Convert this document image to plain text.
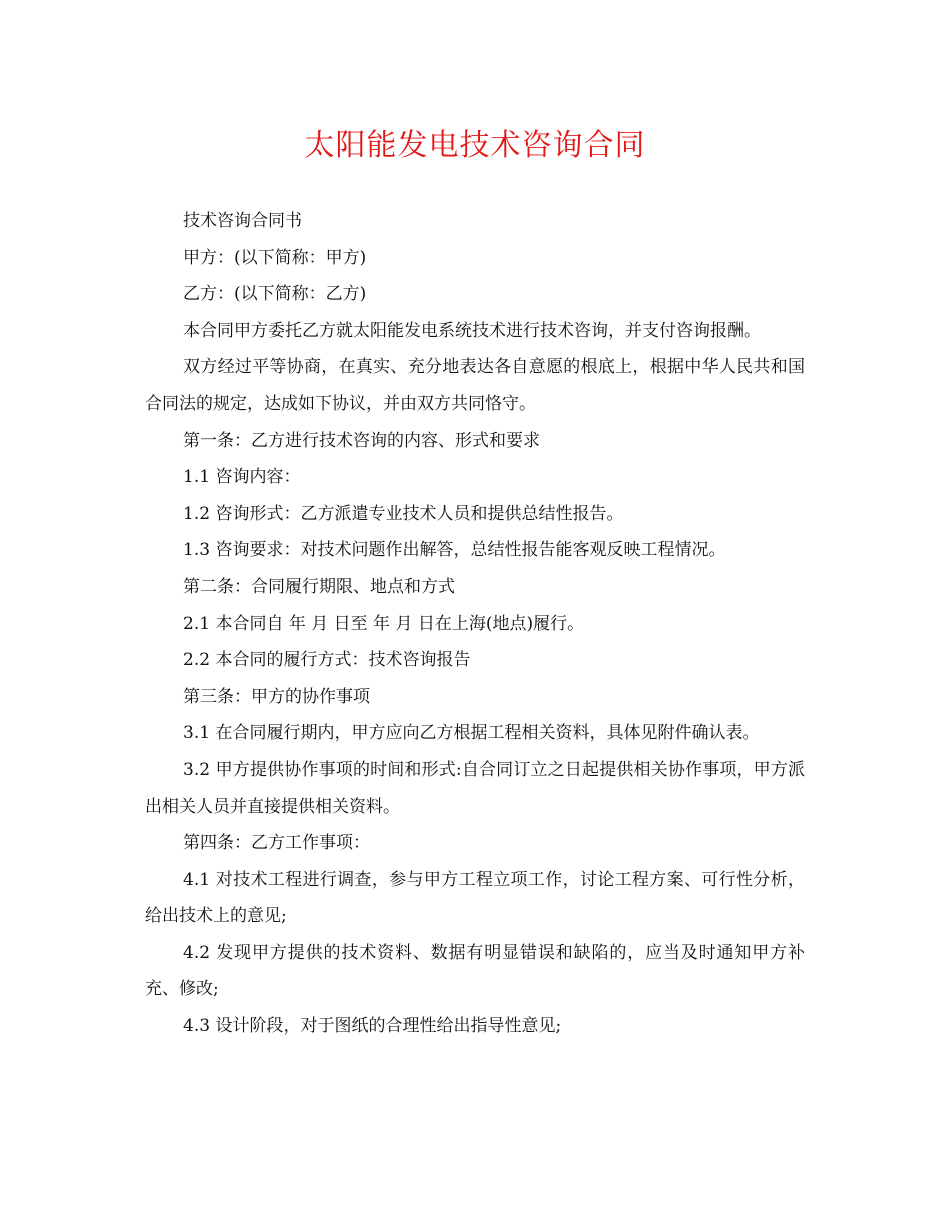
太阳能发电技术咨询合同

技术咨询合同书

甲方：(以下简称：甲方)

乙方：(以下简称：乙方)

本合同甲方委托乙方就太阳能发电系统技术进行技术咨询，并支付咨询报酬。

双方经过平等协商，在真实、充分地表达各自意愿的根底上，根据中华人民共和国合同法的规定，达成如下协议，并由双方共同恪守。

第一条：乙方进行技术咨询的内容、形式和要求

1.1 咨询内容：

1.2 咨询形式：乙方派遣专业技术人员和提供总结性报告。

1.3 咨询要求：对技术问题作出解答，总结性报告能客观反映工程情况。

第二条：合同履行期限、地点和方式

2.1 本合同自 年 月 日至 年 月 日在上海(地点)履行。

2.2 本合同的履行方式：技术咨询报告

第三条：甲方的协作事项

3.1 在合同履行期内，甲方应向乙方根据工程相关资料，具体见附件确认表。

3.2 甲方提供协作事项的时间和形式:自合同订立之日起提供相关协作事项，甲方派出相关人员并直接提供相关资料。

第四条：乙方工作事项：

4.1 对技术工程进行调查，参与甲方工程立项工作，讨论工程方案、可行性分析，给出技术上的意见;

4.2 发现甲方提供的技术资料、数据有明显错误和缺陷的，应当及时通知甲方补充、修改;

4.3 设计阶段，对于图纸的合理性给出指导性意见;
